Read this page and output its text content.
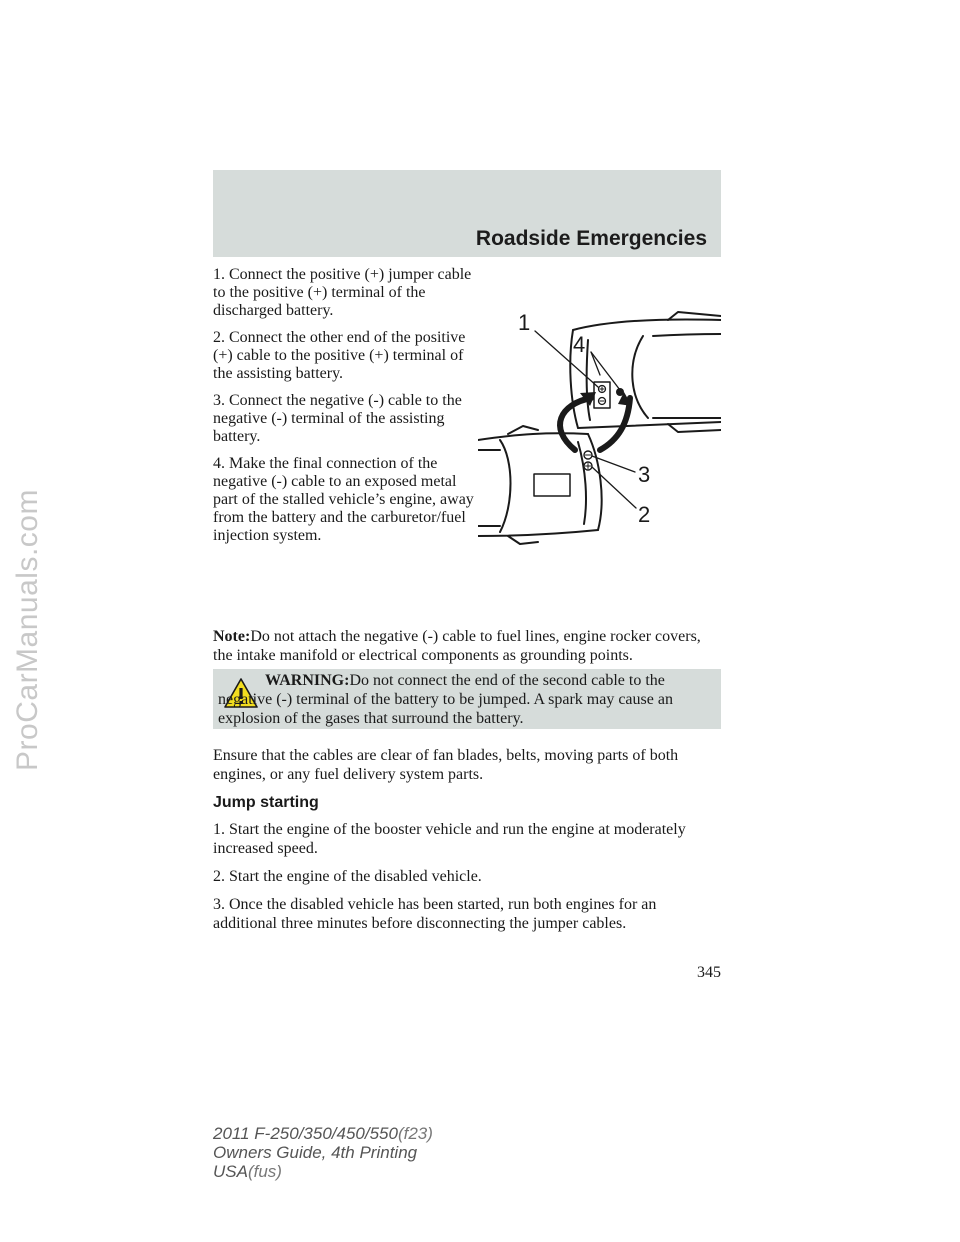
ProCarManuals.com
Roadside Emergencies

1. Connect the positive (+) jumper cable to the positive (+) terminal of the discharged battery.

2. Connect the other end of the positive (+) cable to the positive (+) terminal of the assisting battery.

3. Connect the negative (-) cable to the negative (-) terminal of the assisting battery.

4. Make the final connection of the negative (-) cable to an exposed metal part of the stalled vehicle’s engine, away from the battery and the carburetor/fuel injection system.

1
4
3
2

Note:Do not attach the negative (-) cable to fuel lines, engine rocker covers, the intake manifold or electrical components as grounding points.

WARNING:Do not connect the end of the second cable to the negative (-) terminal of the battery to be jumped. A spark may cause an explosion of the gases that surround the battery.

Ensure that the cables are clear of fan blades, belts, moving parts of both engines, or any fuel delivery system parts.

Jump starting

1. Start the engine of the booster vehicle and run the engine at moderately increased speed.

2. Start the engine of the disabled vehicle.

3. Once the disabled vehicle has been started, run both engines for an additional three minutes before disconnecting the jumper cables.

345

2011 F-250/350/450/550(f23)
Owners Guide, 4th Printing
USA(fus)
